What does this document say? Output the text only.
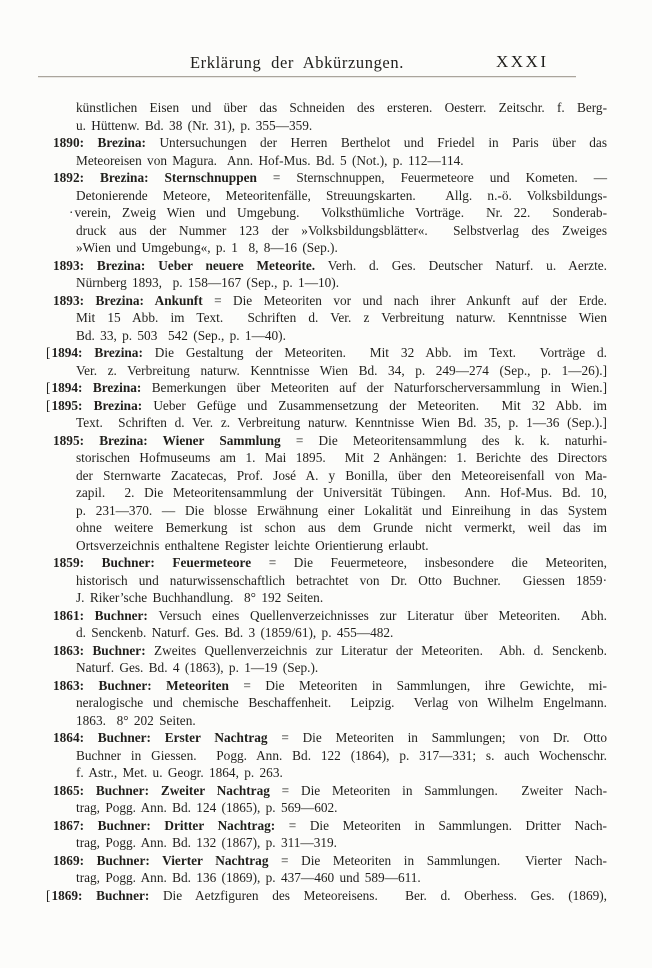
Erklärung der Abkürzungen.	XXXI
künstlichen Eisen und über das Schneiden des ersteren. Oesterr. Zeitschr. f. Berg-
u. Hüttenw. Bd. 38 (Nr. 31), p. 355—359.
1890: Brezina: Untersuchungen der Herren Berthelot und Friedel in Paris über das
Meteoreisen von Magura.  Ann. Hof-Mus. Bd. 5 (Not.), p. 112—114.
1892: Brezina: Sternschnuppen = Sternschnuppen, Feuermeteore und Kometen. —
Detonierende Meteore, Meteoritenfälle, Streuungskarten.  Allg. n.-ö. Volksbildungs-
·verein, Zweig Wien und Umgebung.  Volksthümliche Vorträge.  Nr. 22.  Sonderab-
druck aus der Nummer 123 der »Volksbildungsblätter«.  Selbstverlag des Zweiges
»Wien und Umgebung«, p. 1  8, 8—16 (Sep.).
1893: Brezina: Ueber neuere Meteorite. Verh. d. Ges. Deutscher Naturf. u. Aerzte.
Nürnberg 1893,  p. 158—167 (Sep., p. 1—10).
1893: Brezina: Ankunft = Die Meteoriten vor und nach ihrer Ankunft auf der Erde.
Mit 15 Abb. im Text.  Schriften d. Ver. z Verbreitung naturw. Kenntnisse Wien
Bd. 33, p. 503  542 (Sep., p. 1—40).
[1894: Brezina: Die Gestaltung der Meteoriten.  Mit 32 Abb. im Text.  Vorträge d.
Ver. z. Verbreitung naturw. Kenntnisse Wien Bd. 34, p. 249—274 (Sep., p. 1—26).]
[1894: Brezina: Bemerkungen über Meteoriten auf der Naturforscherversammlung in Wien.]
[1895: Brezina: Ueber Gefüge und Zusammensetzung der Meteoriten.  Mit 32 Abb. im
Text.  Schriften d. Ver. z. Verbreitung naturw. Kenntnisse Wien Bd. 35, p. 1—36 (Sep.).]
1895: Brezina: Wiener Sammlung = Die Meteoritensammlung des k. k. naturhi-
storischen Hofmuseums am 1. Mai 1895.  Mit 2 Anhängen: 1. Berichte des Directors
der Sternwarte Zacatecas, Prof. José A. y Bonilla, über den Meteoreisenfall von Ma-
zapil.  2. Die Meteoritensammlung der Universität Tübingen.  Ann. Hof-Mus. Bd. 10,
p. 231—370. — Die blosse Erwähnung einer Lokalität und Einreihung in das System
ohne weitere Bemerkung ist schon aus dem Grunde nicht vermerkt, weil das im
Ortsverzeichnis enthaltene Register leichte Orientierung erlaubt.
1859: Buchner: Feuermeteore = Die Feuermeteore, insbesondere die Meteoriten,
historisch und naturwissenschaftlich betrachtet von Dr. Otto Buchner.  Giessen 1859·
J. Riker’sche Buchhandlung.  8° 192 Seiten.
1861: Buchner: Versuch eines Quellenverzeichnisses zur Literatur über Meteoriten.  Abh.
d. Senckenb. Naturf. Ges. Bd. 3 (1859/61), p. 455—482.
1863: Buchner: Zweites Quellenverzeichnis zur Literatur der Meteoriten.  Abh. d. Senckenb.
Naturf. Ges. Bd. 4 (1863), p. 1—19 (Sep.).
1863: Buchner: Meteoriten = Die Meteoriten in Sammlungen, ihre Gewichte, mi-
neralogische und chemische Beschaffenheit.  Leipzig.  Verlag von Wilhelm Engelmann.
1863.  8° 202 Seiten.
1864: Buchner: Erster Nachtrag = Die Meteoriten in Sammlungen; von Dr. Otto
Buchner in Giessen.  Pogg. Ann. Bd. 122 (1864), p. 317—331; s. auch Wochenschr.
f. Astr., Met. u. Geogr. 1864, p. 263.
1865: Buchner: Zweiter Nachtrag = Die Meteoriten in Sammlungen.  Zweiter Nach-
trag, Pogg. Ann. Bd. 124 (1865), p. 569—602.
1867: Buchner: Dritter Nachtrag: = Die Meteoriten in Sammlungen. Dritter Nach-
trag, Pogg. Ann. Bd. 132 (1867), p. 311—319.
1869: Buchner: Vierter Nachtrag = Die Meteoriten in Sammlungen.  Vierter Nach-
trag, Pogg. Ann. Bd. 136 (1869), p. 437—460 und 589—611.
[1869: Buchner: Die Aetzfiguren des Meteoreisens.  Ber. d. Oberhess. Ges. (1869),
